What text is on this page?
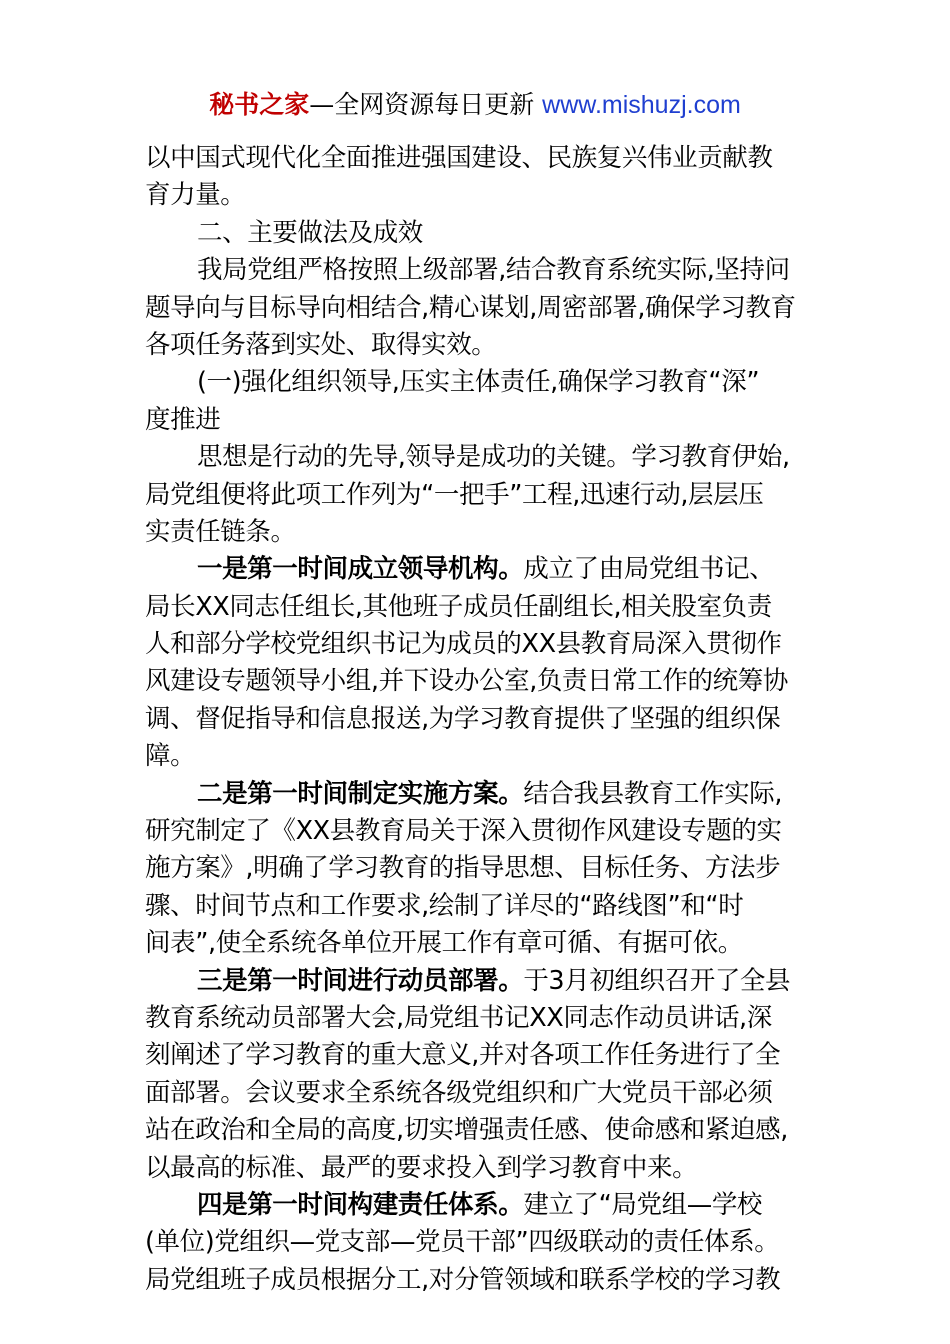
秘书之家—全网资源每日更新 www.mishuzj.com
以中国式现代化全面推进强国建设、民族复兴伟业贡献教
育力量。
二、主要做法及成效
我局党组严格按照上级部署,结合教育系统实际,坚持问
题导向与目标导向相结合,精心谋划,周密部署,确保学习教育
各项任务落到实处、取得实效。
(一)强化组织领导,压实主体责任,确保学习教育“深”
度推进
思想是行动的先导,领导是成功的关键。学习教育伊始,
局党组便将此项工作列为“一把手”工程,迅速行动,层层压
实责任链条。
一是第一时间成立领导机构。成立了由局党组书记、
局长XX同志任组长,其他班子成员任副组长,相关股室负责
人和部分学校党组织书记为成员的XX县教育局深入贯彻作
风建设专题领导小组,并下设办公室,负责日常工作的统筹协
调、督促指导和信息报送,为学习教育提供了坚强的组织保
障。
二是第一时间制定实施方案。结合我县教育工作实际,
研究制定了《XX县教育局关于深入贯彻作风建设专题的实
施方案》,明确了学习教育的指导思想、目标任务、方法步
骤、时间节点和工作要求,绘制了详尽的“路线图”和“时
间表”,使全系统各单位开展工作有章可循、有据可依。
三是第一时间进行动员部署。于3月初组织召开了全县
教育系统动员部署大会,局党组书记XX同志作动员讲话,深
刻阐述了学习教育的重大意义,并对各项工作任务进行了全
面部署。会议要求全系统各级党组织和广大党员干部必须
站在政治和全局的高度,切实增强责任感、使命感和紧迫感,
以最高的标准、最严的要求投入到学习教育中来。
四是第一时间构建责任体系。建立了“局党组—学校
(单位)党组织—党支部—党员干部”四级联动的责任体系。
局党组班子成员根据分工,对分管领域和联系学校的学习教
